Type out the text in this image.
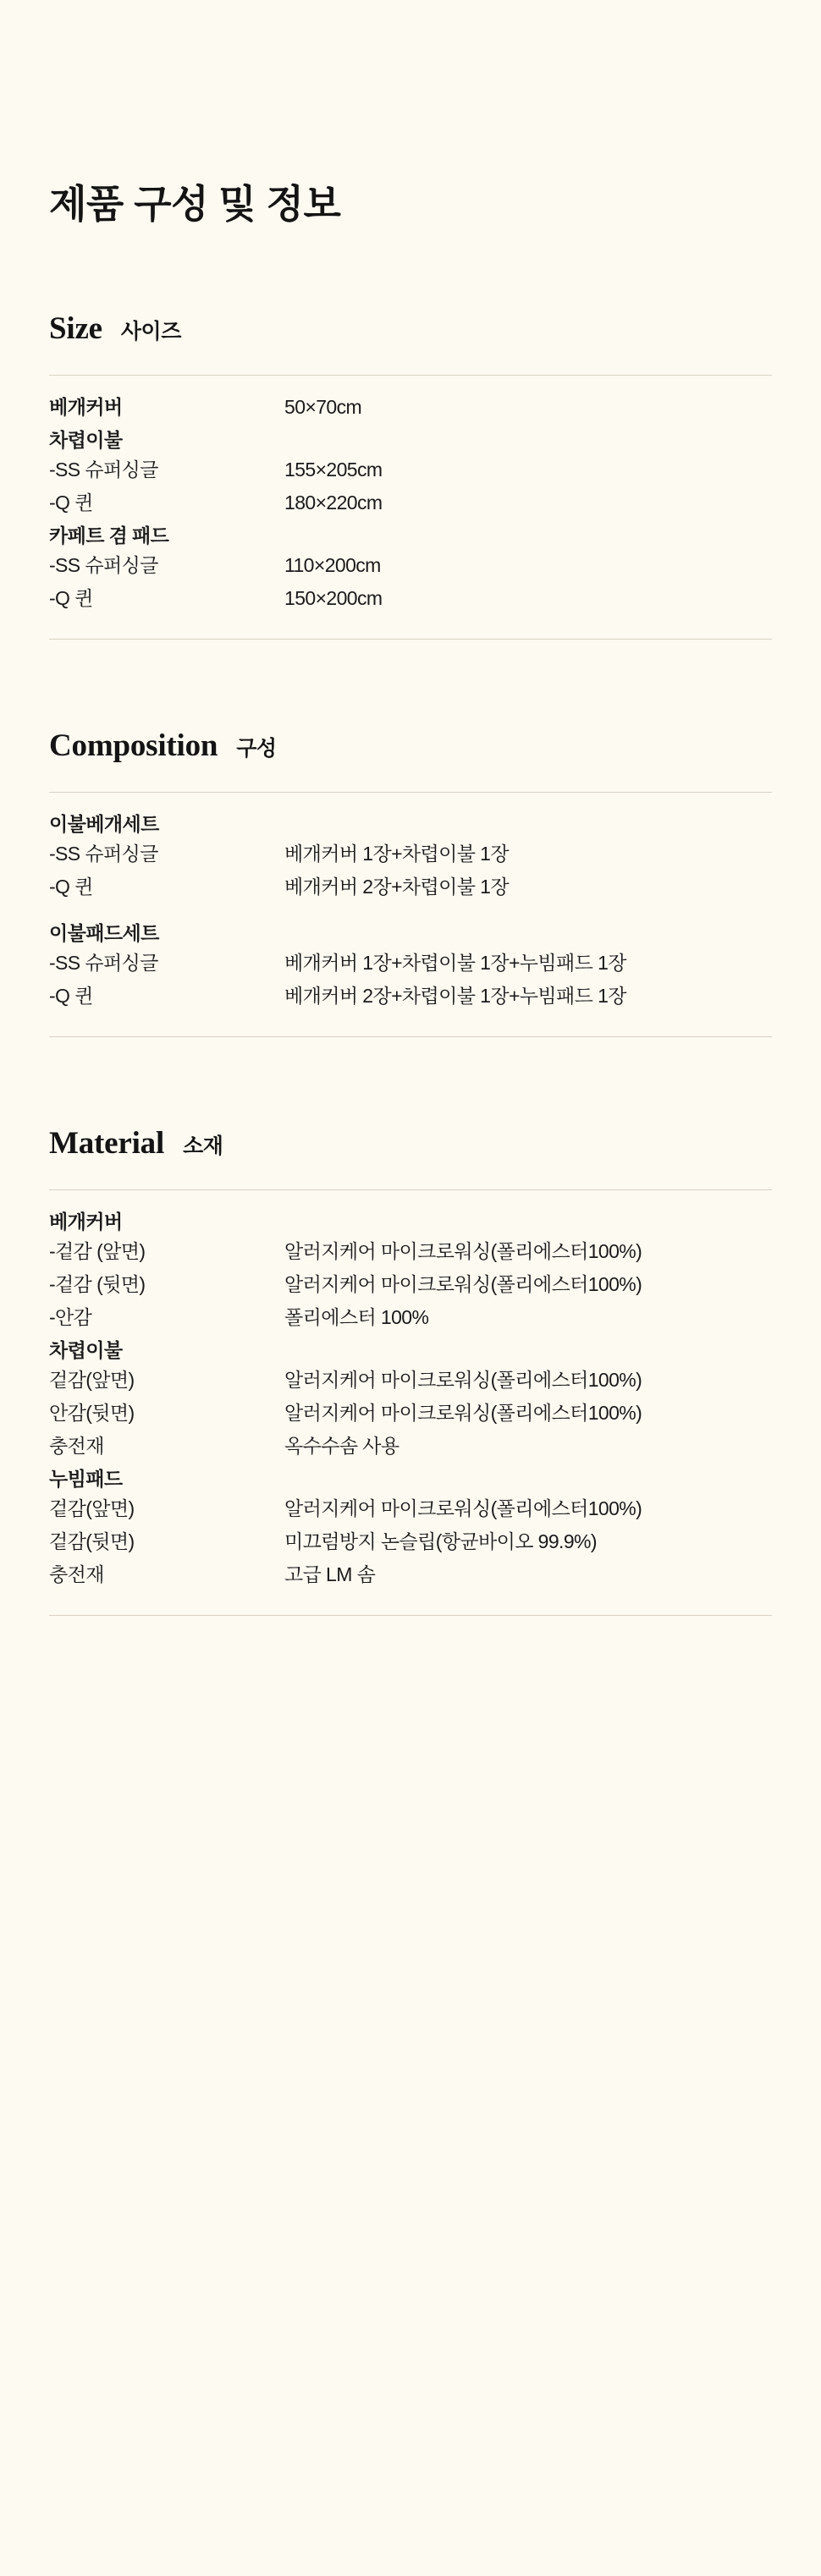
제품 구성 및 정보
Size 사이즈
베개커버	50×70cm
차렵이불
-SS 슈퍼싱글	155×205cm
-Q 퀸	180×220cm
카페트 겸 패드
-SS 슈퍼싱글	110×200cm
-Q 퀸	150×200cm
Composition 구성
이불베개세트
-SS 슈퍼싱글	베개커버 1장+차렵이불 1장
-Q 퀸	베개커버 2장+차렵이불 1장
이불패드세트
-SS 슈퍼싱글	베개커버 1장+차렵이불 1장+누빔패드 1장
-Q 퀸	베개커버 2장+차렵이불 1장+누빔패드 1장
Material 소재
베개커버
-겉감 (앞면)	알러지케어 마이크로워싱(폴리에스터100%)
-겉감 (뒷면)	알러지케어 마이크로워싱(폴리에스터100%)
-안감	폴리에스터 100%
차렵이불
겉감(앞면)	알러지케어 마이크로워싱(폴리에스터100%)
안감(뒷면)	알러지케어 마이크로워싱(폴리에스터100%)
충전재	옥수수솜 사용
누빔패드
겉감(앞면)	알러지케어 마이크로워싱(폴리에스터100%)
겉감(뒷면)	미끄럼방지 논슬립(항균바이오 99.9%)
충전재	고급 LM 솜
